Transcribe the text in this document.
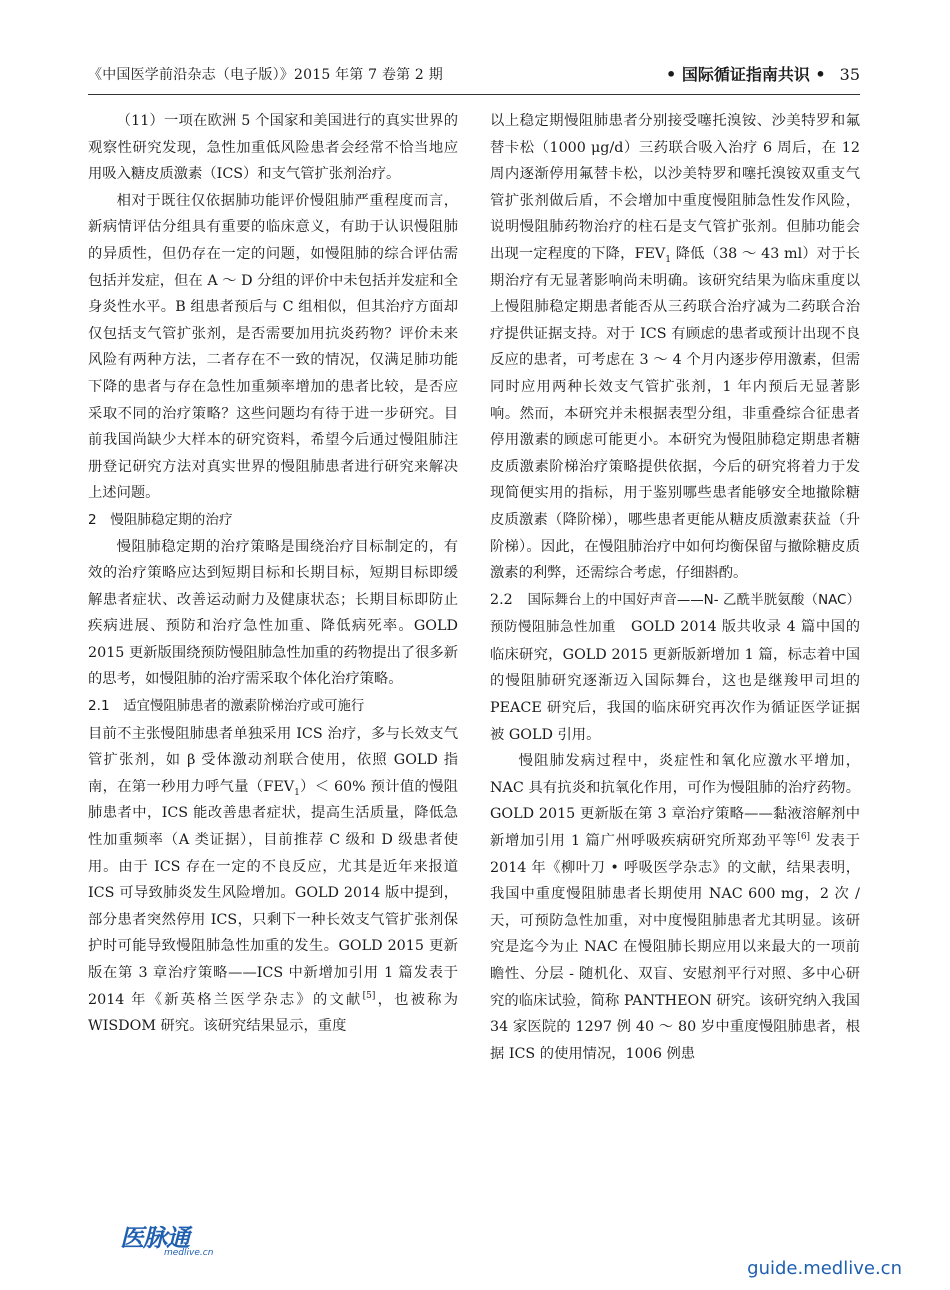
《中国医学前沿杂志（电子版）》2015 年第 7 卷第 2 期	• 国际循证指南共识 • 35

（11）一项在欧洲 5 个国家和美国进行的真实世界的观察性研究发现，急性加重低风险患者会经常不恰当地应用吸入糖皮质激素（ICS）和支气管扩张剂治疗。

相对于既往仅依据肺功能评价慢阻肺严重程度而言，新病情评估分组具有重要的临床意义，有助于认识慢阻肺的异质性，但仍存在一定的问题，如慢阻肺的综合评估需包括并发症，但在 A ～ D 分组的评价中未包括并发症和全身炎性水平。B 组患者预后与 C 组相似，但其治疗方面却仅包括支气管扩张剂，是否需要加用抗炎药物？评价未来风险有两种方法，二者存在不一致的情况，仅满足肺功能下降的患者与存在急性加重频率增加的患者比较，是否应采取不同的治疗策略？这些问题均有待于进一步研究。目前我国尚缺少大样本的研究资料，希望今后通过慢阻肺注册登记研究方法对真实世界的慢阻肺患者进行研究来解决上述问题。

2　慢阻肺稳定期的治疗

慢阻肺稳定期的治疗策略是围绕治疗目标制定的，有效的治疗策略应达到短期目标和长期目标，短期目标即缓解患者症状、改善运动耐力及健康状态；长期目标即防止疾病进展、预防和治疗急性加重、降低病死率。GOLD 2015 更新版围绕预防慢阻肺急性加重的药物提出了很多新的思考，如慢阻肺的治疗需采取个体化治疗策略。

2.1　适宜慢阻肺患者的激素阶梯治疗或可施行

目前不主张慢阻肺患者单独采用 ICS 治疗，多与长效支气管扩张剂，如 β 受体激动剂联合使用，依照 GOLD 指南，在第一秒用力呼气量$(FEV_1)< 60\%$ 预计值的慢阻肺患者中，ICS 能改善患者症状，提高生活质量，降低急性加重频率（A 类证据），目前推荐 C 级和 D 级患者使用。由于 ICS 存在一定的不良反应，尤其是近年来报道 ICS 可导致肺炎发生风险增加。GOLD 2014 版中提到，部分患者突然停用 ICS，只剩下一种长效支气管扩张剂保护时可能导致慢阻肺急性加重的发生。GOLD 2015 更新版在第 3 章治疗策略——ICS 中新增加引用 1 篇发表于 2014 年《新英格兰医学杂志》的文献[5]，也被称为 WISDOM 研究。该研究结果显示，重度

以上稳定期慢阻肺患者分别接受噻托溴铵、沙美特罗和氟替卡松（1000 μg/d）三药联合吸入治疗 6 周后，在 12 周内逐渐停用氟替卡松，以沙美特罗和噻托溴铵双重支气管扩张剂做后盾，不会增加中重度慢阻肺急性发作风险，说明慢阻肺药物治疗的柱石是支气管扩张剂。但肺功能会出现一定程度的下降，$FEV_1$ 降低（38 ～ 43 ml）对于长期治疗有无显著影响尚未明确。该研究结果为临床重度以上慢阻肺稳定期患者能否从三药联合治疗减为二药联合治疗提供证据支持。对于 ICS 有顾虑的患者或预计出现不良反应的患者，可考虑在 3 ～ 4 个月内逐步停用激素，但需同时应用两种长效支气管扩张剂，1 年内预后无显著影响。然而，本研究并未根据表型分组，非重叠综合征患者停用激素的顾虑可能更小。本研究为慢阻肺稳定期患者糖皮质激素阶梯治疗策略提供依据，今后的研究将着力于发现简便实用的指标，用于鉴别哪些患者能够安全地撤除糖皮质激素（降阶梯），哪些患者更能从糖皮质激素获益（升阶梯）。因此，在慢阻肺治疗中如何均衡保留与撤除糖皮质激素的利弊，还需综合考虑，仔细斟酌。

2.2　国际舞台上的中国好声音——N- 乙酰半胱氨酸（NAC）预防慢阻肺急性加重　GOLD 2014 版共收录 4 篇中国的临床研究，GOLD 2015 更新版新增加 1 篇，标志着中国的慢阻肺研究逐渐迈入国际舞台，这也是继羧甲司坦的 PEACE 研究后，我国的临床研究再次作为循证医学证据被 GOLD 引用。

慢阻肺发病过程中，炎症性和氧化应激水平增加，NAC 具有抗炎和抗氧化作用，可作为慢阻肺的治疗药物。GOLD 2015 更新版在第 3 章治疗策略——黏液溶解剂中新增加引用 1 篇广州呼吸疾病研究所郑劲平等[6] 发表于 2014 年《柳叶刀 • 呼吸医学杂志》的文献，结果表明，我国中重度慢阻肺患者长期使用 NAC 600 mg，2 次 / 天，可预防急性加重，对中度慢阻肺患者尤其明显。该研究是迄今为止 NAC 在慢阻肺长期应用以来最大的一项前瞻性、分层 - 随机化、双盲、安慰剂平行对照、多中心研究的临床试验，简称 PANTHEON 研究。该研究纳入我国 34 家医院的 1297 例 40 ～ 80 岁中重度慢阻肺患者，根据 ICS 的使用情况，1006 例患

医脉通
medlive.cn
guide.medlive.cn
